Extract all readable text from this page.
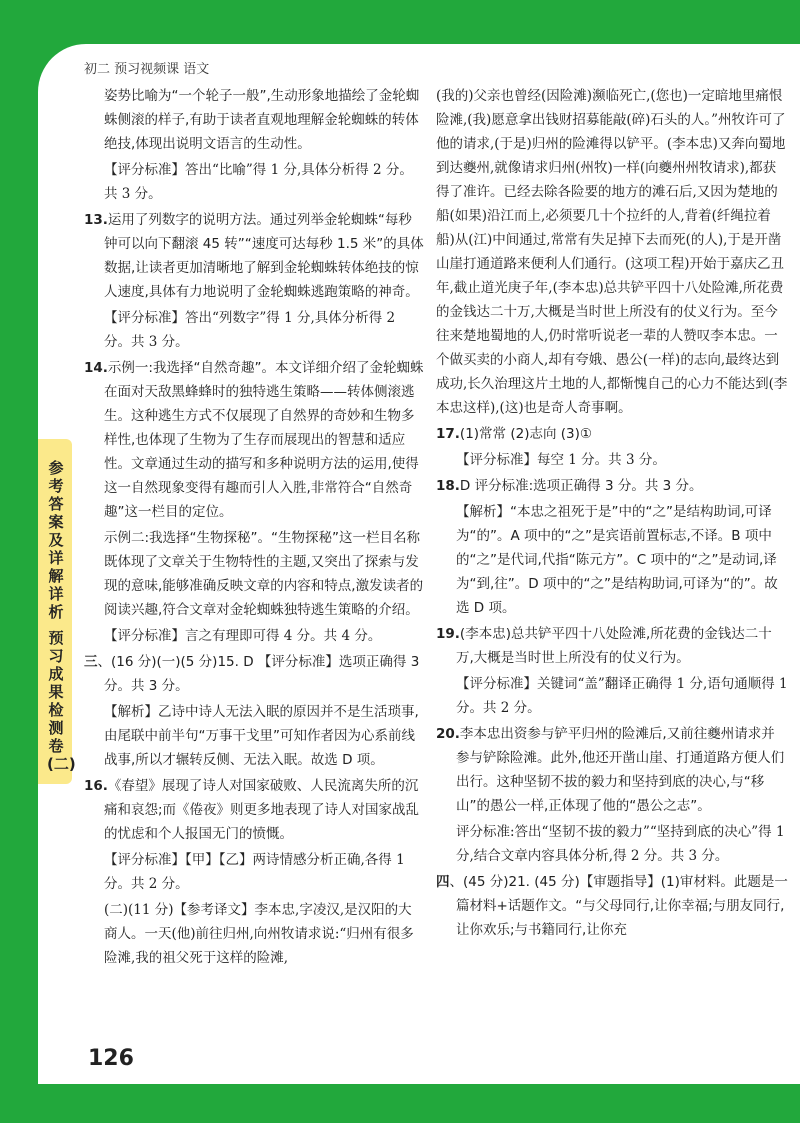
初二 预习视频课 语文
参考答案及详解详析
预习成果检测卷(二)

姿势比喻为“一个轮子一般”,生动形象地描绘了金轮蜘蛛侧滚的样子,有助于读者直观地理解金轮蜘蛛的转体绝技,体现出说明文语言的生动性。

【评分标准】答出“比喻”得 1 分,具体分析得 2 分。共 3 分。

13.运用了列数字的说明方法。通过列举金轮蜘蛛“每秒钟可以向下翻滚 45 转”“速度可达每秒 1.5 米”的具体数据,让读者更加清晰地了解到金轮蜘蛛转体绝技的惊人速度,具体有力地说明了金轮蜘蛛逃跑策略的神奇。

【评分标准】答出“列数字”得 1 分,具体分析得 2 分。共 3 分。

14.示例一:我选择“自然奇趣”。本文详细介绍了金轮蜘蛛在面对天敌黑蜂蜂时的独特逃生策略——转体侧滚逃生。这种逃生方式不仅展现了自然界的奇妙和生物多样性,也体现了生物为了生存而展现出的智慧和适应性。文章通过生动的描写和多种说明方法的运用,使得这一自然现象变得有趣而引人入胜,非常符合“自然奇趣”这一栏目的定位。

示例二:我选择“生物探秘”。“生物探秘”这一栏目名称既体现了文章关于生物特性的主题,又突出了探索与发现的意味,能够准确反映文章的内容和特点,激发读者的阅读兴趣,符合文章对金轮蜘蛛独特逃生策略的介绍。

【评分标准】言之有理即可得 4 分。共 4 分。

三、(16 分)(一)(5 分)15. D 【评分标准】选项正确得 3 分。共 3 分。

【解析】乙诗中诗人无法入眠的原因并不是生活琐事,由尾联中前半句“万事干戈里”可知作者因为心系前线战事,所以才辗转反侧、无法入眠。故选 D 项。

16.《春望》展现了诗人对国家破败、人民流离失所的沉痛和哀怨;而《倦夜》则更多地表现了诗人对国家战乱的忧虑和个人报国无门的愤慨。

【评分标准】【甲】【乙】两诗情感分析正确,各得 1 分。共 2 分。

(二)(11 分)【参考译文】李本忠,字凌汉,是汉阳的大商人。一天(他)前往归州,向州牧请求说:“归州有很多险滩,我的祖父死于这样的险滩,

(我的)父亲也曾经(因险滩)濒临死亡,(您也)一定暗地里痛恨险滩,(我)愿意拿出钱财招募能敲(碎)石头的人。”州牧许可了他的请求,(于是)归州的险滩得以铲平。(李本忠)又奔向蜀地到达夔州,就像请求归州(州牧)一样(向夔州州牧请求),都获得了准许。已经去除各险要的地方的滩石后,又因为楚地的船(如果)沿江而上,必须要几十个拉纤的人,背着(纤绳拉着船)从(江)中间通过,常常有失足掉下去而死(的人),于是开凿山崖打通道路来便利人们通行。(这项工程)开始于嘉庆乙丑年,截止道光庚子年,(李本忠)总共铲平四十八处险滩,所花费的金钱达二十万,大概是当时世上所没有的仗义行为。至今往来楚地蜀地的人,仍时常听说老一辈的人赞叹李本忠。一个做买卖的小商人,却有夸娥、愚公(一样)的志向,最终达到成功,长久治理这片土地的人,都惭愧自己的心力不能达到(李本忠这样),(这)也是奇人奇事啊。

17.(1)常常 (2)志向 (3)①

【评分标准】每空 1 分。共 3 分。

18.D 评分标准:选项正确得 3 分。共 3 分。

【解析】“本忠之祖死于是”中的“之”是结构助词,可译为“的”。A 项中的“之”是宾语前置标志,不译。B 项中的“之”是代词,代指“陈元方”。C 项中的“之”是动词,译为“到,往”。D 项中的“之”是结构助词,可译为“的”。故选 D 项。

19.(李本忠)总共铲平四十八处险滩,所花费的金钱达二十万,大概是当时世上所没有的仗义行为。

【评分标准】关键词“盖”翻译正确得 1 分,语句通顺得 1 分。共 2 分。

20.李本忠出资参与铲平归州的险滩后,又前往夔州请求并参与铲除险滩。此外,他还开凿山崖、打通道路方便人们出行。这种坚韧不拔的毅力和坚持到底的决心,与“移山”的愚公一样,正体现了他的“愚公之志”。

评分标准:答出“坚韧不拔的毅力”“坚持到底的决心”得 1 分,结合文章内容具体分析,得 2 分。共 3 分。

四、(45 分)21. (45 分)【审题指导】(1)审材料。此题是一篇材料+话题作文。“与父母同行,让你幸福;与朋友同行,让你欢乐;与书籍同行,让你充

126
